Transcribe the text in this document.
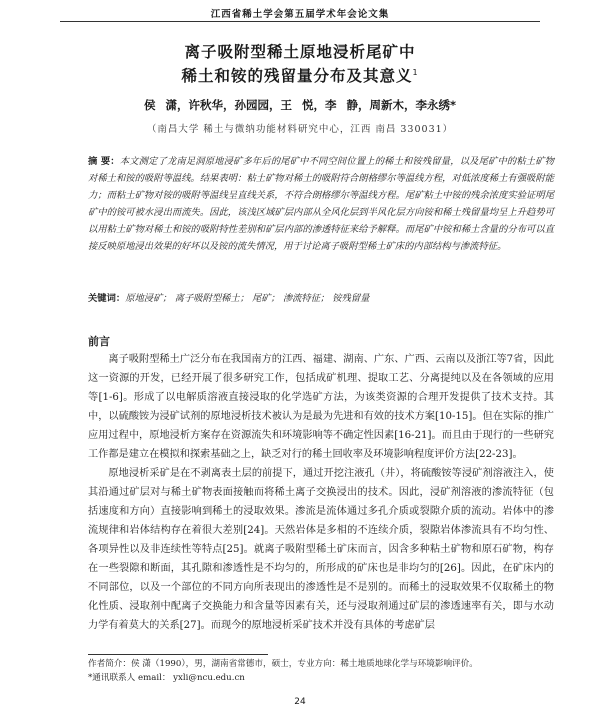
江西省稀土学会第五届学术年会论文集
离子吸附型稀土原地浸析尾矿中
稀土和铵的残留量分布及其意义$^1$
侯 潇，许秋华，孙园园，王 悦，李 静，周新木，李永绣*
（南昌大学 稀土与微纳功能材料研究中心，江西 南昌 330031）
摘 要：本文测定了龙南足洞原地浸矿多年后的尾矿中不同空间位置上的稀土和铵残留量，以及尾矿中的粘土矿物对稀土和铵的吸附等温线。结果表明：粘土矿物对稀土的吸附符合朗格缪尔等温线方程，对低浓度稀土有强吸附能力；而粘土矿物对铵的吸附等温线呈直线关系，不符合朗格缪尔等温线方程。尾矿粘土中铵的残余浓度实验证明尾矿中的铵可被水浸出而流失。因此，该浅区域矿层内部从全风化层到半风化层方向铵和稀土残留量均呈上升趋势可以用粘土矿物对稀土和铵的吸附特性差别和矿层内部的渗透特征来给予解释。而尾矿中铵和稀土含量的分布可以直接反映原地浸出效果的好坏以及铵的流失情况，用于讨论离子吸附型稀土矿床的内部结构与渗流特征。
关键词：原地浸矿； 离子吸附型稀土； 尾矿； 渗流特征； 铵残留量
前言

离子吸附型稀土广泛分布在我国南方的江西、福建、湖南、广东、广西、云南以及浙江等7省，因此这一资源的开发，已经开展了很多研究工作，包括成矿机理、提取工艺、分离提纯以及在各领域的应用等[1-6]。形成了以电解质溶液直接浸取的化学选矿方法，为该类资源的合理开发提供了技术支持。其中，以硫酸铵为浸矿试剂的原地浸析技术被认为是最为先进和有效的技术方案[10-15]。但在实际的推广应用过程中，原地浸析方案存在资源流失和环境影响等不确定性因素[16-21]。而且由于现行的一些研究工作都是建立在模拟和探索基础之上，缺乏对行的稀土回收率及环境影响程度评价方法[22-23]。

原地浸析采矿是在不剥离表土层的前提下，通过开挖注液孔（井），将硫酸铵等浸矿剂溶液注入，使其沿通过矿层对与稀土矿物表面接触而将稀土离子交换浸出的技术。因此，浸矿剂溶液的渗流特征（包括速度和方向）直接影响到稀土的浸取效果。渗流是流体通过多孔介质或裂隙介质的流动。岩体中的渗流规律和岩体结构存在着很大差别[24]。天然岩体是多相的不连续介质，裂隙岩体渗流具有不均匀性、各项异性以及非连续性等特点[25]。就离子吸附型稀土矿床而言，因含多种粘土矿物和原石矿物，构存在一些裂隙和断面，其孔隙和渗透性是不均匀的，所形成的矿床也是非均匀的[26]。因此，在矿床内的不同部位，以及一个部位的不同方向所表现出的渗透性是不是别的。而稀土的浸取效果不仅取稀土的物化性质、浸取剂中配离子交换能力和含量等因素有关，还与浸取剂通过矿层的渗透速率有关，即与水动力学有着莫大的关系[27]。而现今的原地浸析采矿技术并没有具体的考虑矿层

作者简介：侯 潇（1990），男，湖南省常德市，硕士，专业方向：稀土地质地球化学与环境影响评价。
*通讯联系人 email： yxli@ncu.edu.cn
24
